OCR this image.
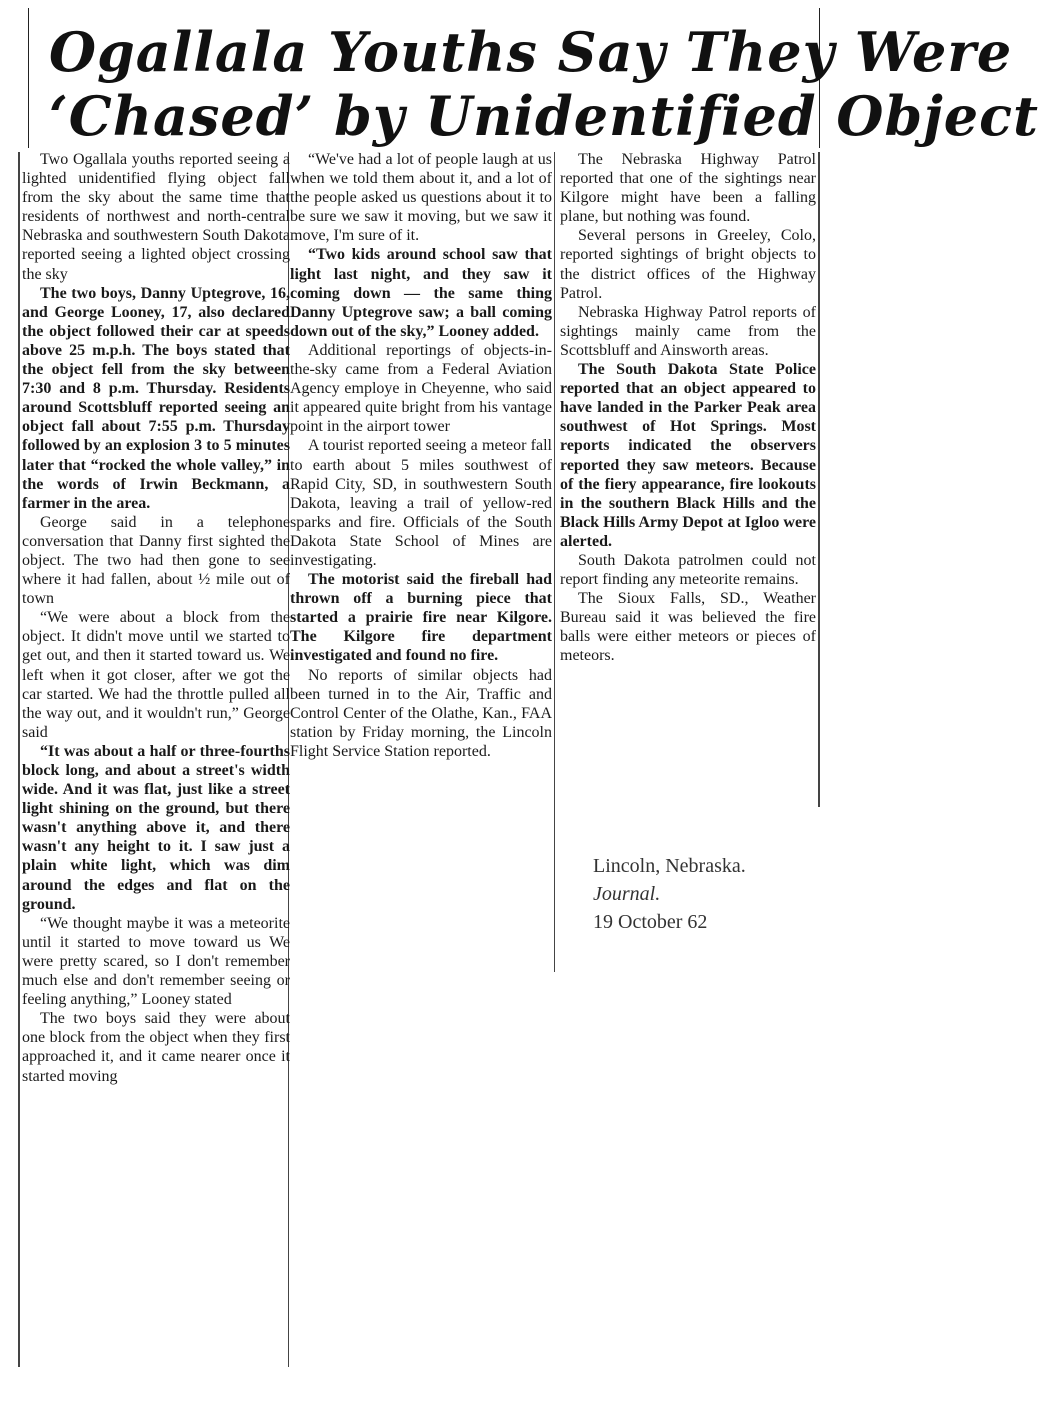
Ogallala Youths Say They Were
‘Chased’ by Unidentified Object

Two Ogallala youths reported seeing a lighted unidentified flying object fall from the sky about the same time that residents of northwest and north-central Nebraska and southwestern South Dakota reported seeing a lighted object crossing the sky

The two boys, Danny Uptegrove, 16, and George Looney, 17, also declared the object followed their car at speeds above 25 m.p.h. The boys stated that the object fell from the sky between 7:30 and 8 p.m. Thursday. Residents around Scottsbluff reported seeing an object fall about 7:55 p.m. Thursday followed by an explosion 3 to 5 minutes later that “rocked the whole valley,” in the words of Irwin Beckmann, a farmer in the area.

George said in a telephone conversation that Danny first sighted the object. The two had then gone to see where it had fallen, about ½ mile out of town

“We were about a block from the object. It didn't move until we started to get out, and then it started toward us. We left when it got closer, after we got the car started. We had the throttle pulled all the way out, and it wouldn't run,” George said

“It was about a half or three-fourths block long, and about a street's width wide. And it was flat, just like a street light shining on the ground, but there wasn't anything above it, and there wasn't any height to it. I saw just a plain white light, which was dim around the edges and flat on the ground.

“We thought maybe it was a meteorite until it started to move toward us We were pretty scared, so I don't remember much else and don't remember seeing or feeling anything,” Looney stated

The two boys said they were about one block from the object when they first approached it, and it came nearer once it started moving

“We've had a lot of people laugh at us when we told them about it, and a lot of the people asked us questions about it to be sure we saw it moving, but we saw it move, I'm sure of it.

“Two kids around school saw that light last night, and they saw it coming down — the same thing Danny Uptegrove saw; a ball coming down out of the sky,” Looney added.

Additional reportings of objects-in-the-sky came from a Federal Aviation Agency employe in Cheyenne, who said it appeared quite bright from his vantage point in the airport tower

A tourist reported seeing a meteor fall to earth about 5 miles southwest of Rapid City, SD, in southwestern South Dakota, leaving a trail of yellow-red sparks and fire. Officials of the South Dakota State School of Mines are investigating.

The motorist said the fireball had thrown off a burning piece that started a prairie fire near Kilgore. The Kilgore fire department investigated and found no fire.

No reports of similar objects had been turned in to the Air, Traffic and Control Center of the Olathe, Kan., FAA station by Friday morning, the Lincoln Flight Service Station reported.

The Nebraska Highway Patrol reported that one of the sightings near Kilgore might have been a falling plane, but nothing was found.

Several persons in Greeley, Colo, reported sightings of bright objects to the district offices of the Highway Patrol.

Nebraska Highway Patrol reports of sightings mainly came from the Scottsbluff and Ainsworth areas.

The South Dakota State Police reported that an object appeared to have landed in the Parker Peak area southwest of Hot Springs. Most reports indicated the observers reported they saw meteors. Because of the fiery appearance, fire lookouts in the southern Black Hills and the Black Hills Army Depot at Igloo were alerted.

South Dakota patrolmen could not report finding any meteorite remains.

The Sioux Falls, SD., Weather Bureau said it was believed the fire balls were either meteors or pieces of meteors.

Lincoln, Nebraska.
Journal.
19 October 62
